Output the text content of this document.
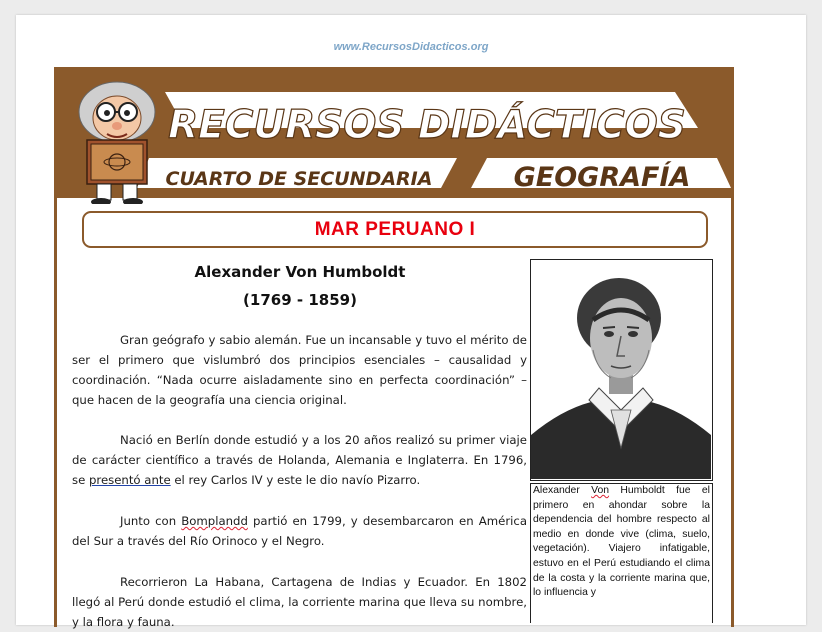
www.RecursosDidacticos.org
RECURSOS DIDÁCTICOS
CUARTO DE SECUNDARIA	GEOGRAFÍA
MAR PERUANO I
Alexander Von Humboldt
(1769 - 1859)
Gran geógrafo y sabio alemán. Fue un incansable y tuvo el mérito de ser el primero que vislumbró dos principios esenciales – causalidad y coordinación. “Nada ocurre aisladamente sino en perfecta coordinación” – que hacen de la geografía una ciencia original.
Nació en Berlín donde estudió y a los 20 años realizó su primer viaje de carácter científico a través de Holanda, Alemania e Inglaterra. En 1796, se presentó ante el rey Carlos IV y este le dio navío Pizarro.
Junto con Bomplandd partió en 1799, y desembarcaron en América del Sur a través del Río Orinoco y el Negro.
Recorrieron La Habana, Cartagena de Indias y Ecuador. En 1802 llegó al Perú donde estudió el clima, la corriente marina que lleva su nombre, y la flora y fauna.
Alexander Von Humboldt fue el primero en ahondar sobre la dependencia del hombre respecto al medio en donde vive (clima, suelo, vegetación). Viajero infatigable, estuvo en el Perú estudiando el clima de la costa y la corriente marina que, lo influencia y
